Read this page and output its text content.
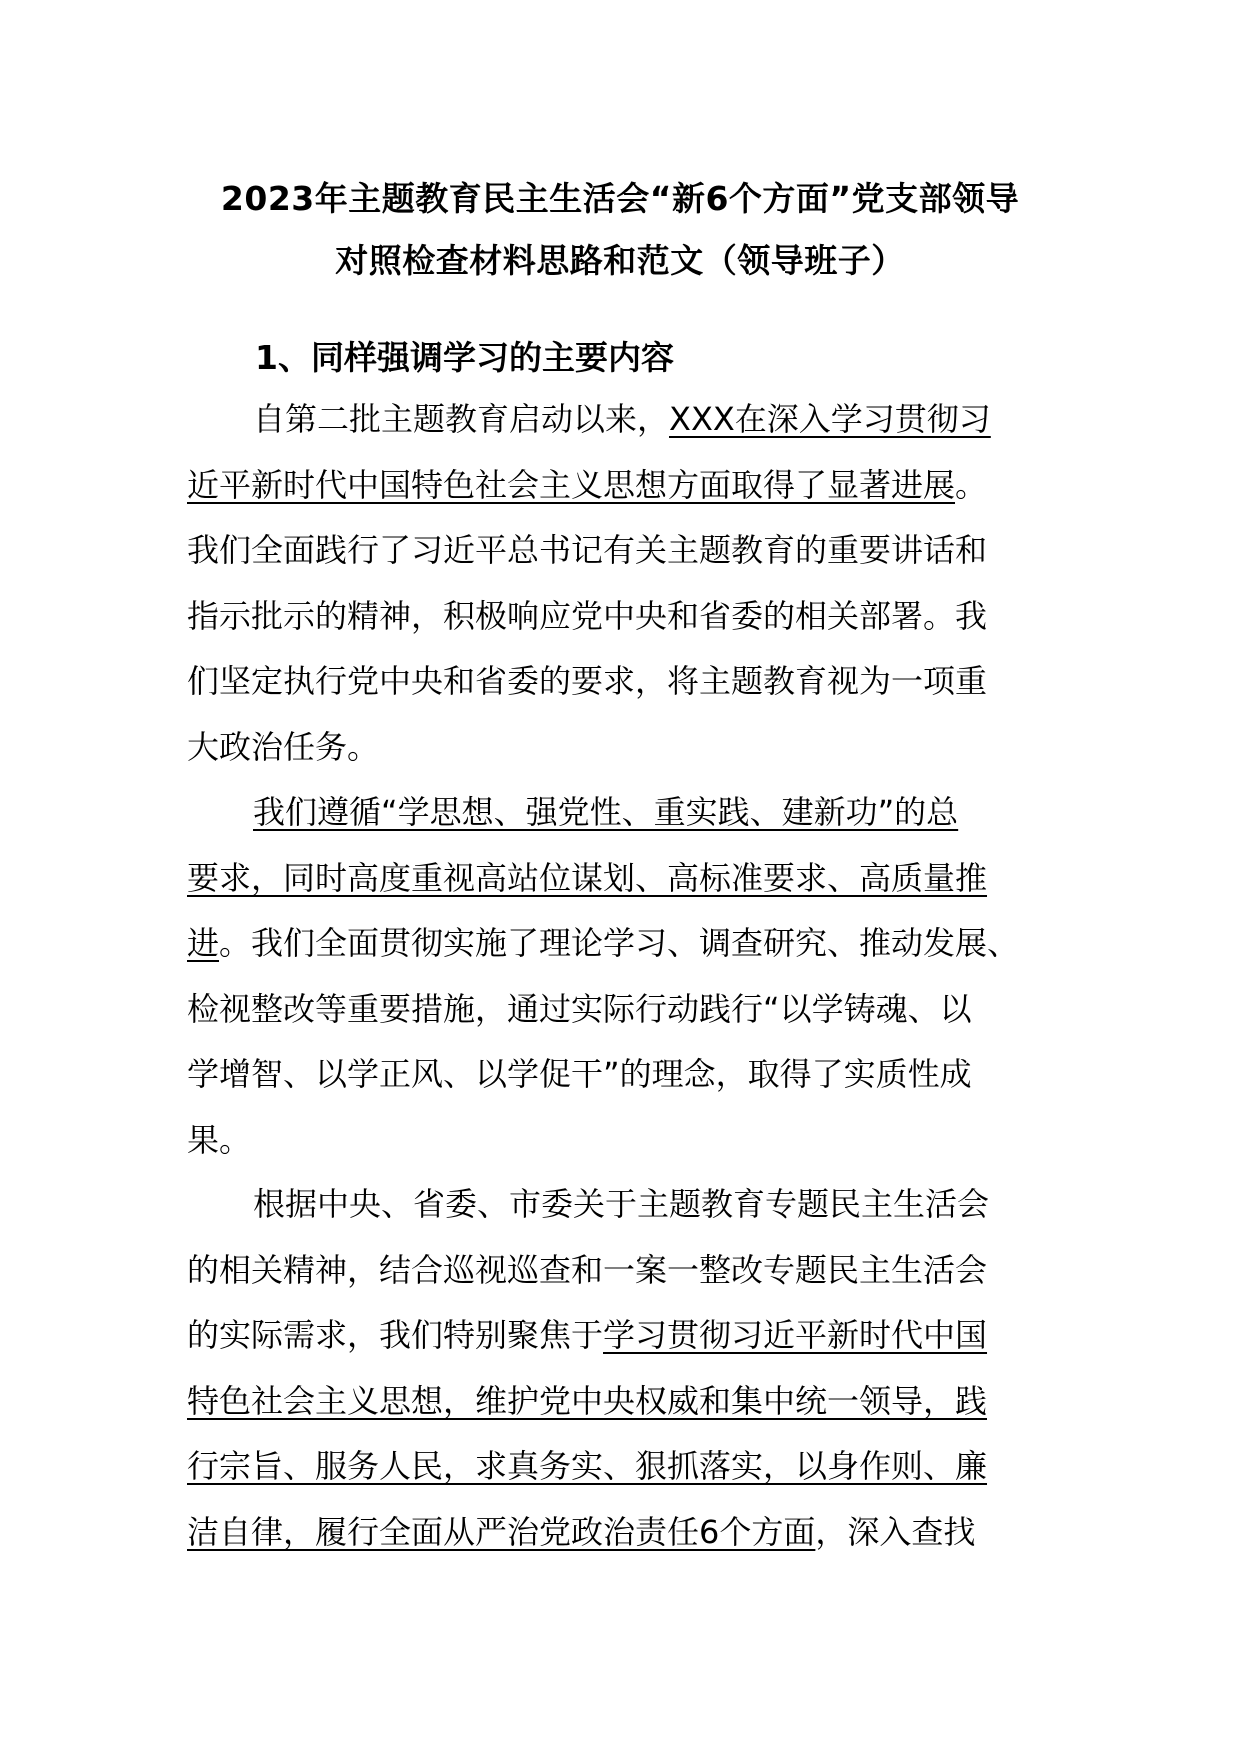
2023年主题教育民主生活会“新6个方面”党支部领导
对照检查材料思路和范文（领导班子）
1、同样强调学习的主要内容
自第二批主题教育启动以来，XXX在深入学习贯彻习
近平新时代中国特色社会主义思想方面取得了显著进展。
我们全面践行了习近平总书记有关主题教育的重要讲话和
指示批示的精神，积极响应党中央和省委的相关部署。我
们坚定执行党中央和省委的要求，将主题教育视为一项重
大政治任务。
我们遵循“学思想、强党性、重实践、建新功”的总
要求，同时高度重视高站位谋划、高标准要求、高质量推
进。我们全面贯彻实施了理论学习、调查研究、推动发展、
检视整改等重要措施，通过实际行动践行“以学铸魂、以
学增智、以学正风、以学促干”的理念，取得了实质性成
果。
根据中央、省委、市委关于主题教育专题民主生活会
的相关精神，结合巡视巡查和一案一整改专题民主生活会
的实际需求，我们特别聚焦于学习贯彻习近平新时代中国
特色社会主义思想，维护党中央权威和集中统一领导，践
行宗旨、服务人民，求真务实、狠抓落实，以身作则、廉
洁自律，履行全面从严治党政治责任6个方面，深入查找
